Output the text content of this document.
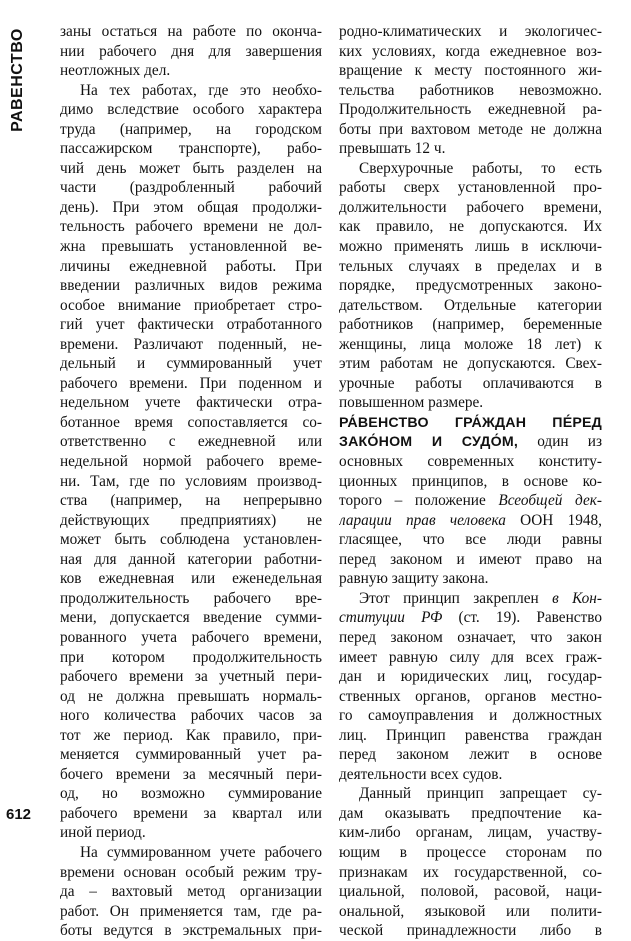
РАВЕНСТВО
612
заны остаться на работе по оконча-
нии рабочего дня для завершения
неотложных дел.
На тех работах, где это необхо-
димо вследствие особого характера
труда (например, на городском
пассажирском транспорте), рабо-
чий день может быть разделен на
части (раздробленный рабочий
день). При этом общая продолжи-
тельность рабочего времени не дол-
жна превышать установленной ве-
личины ежедневной работы. При
введении различных видов режима
особое внимание приобретает стро-
гий учет фактически отработанного
времени. Различают поденный, не-
дельный и суммированный учет
рабочего времени. При поденном и
недельном учете фактически отра-
ботанное время сопоставляется со-
ответственно с ежедневной или
недельной нормой рабочего време-
ни. Там, где по условиям производ-
ства (например, на непрерывно
действующих предприятиях) не
может быть соблюдена установлен-
ная для данной категории работни-
ков ежедневная или еженедельная
продолжительность рабочего вре-
мени, допускается введение сумми-
рованного учета рабочего времени,
при котором продолжительность
рабочего времени за учетный пери-
од не должна превышать нормаль-
ного количества рабочих часов за
тот же период. Как правило, при-
меняется суммированный учет ра-
бочего времени за месячный пери-
од, но возможно суммирование
рабочего времени за квартал или
иной период.
На суммированном учете рабочего
времени основан особый режим тру-
да – вахтовый метод организации
работ. Он применяется там, где ра-
боты ведутся в экстремальных при-
родно-климатических и экологичес-
ких условиях, когда ежедневное воз-
вращение к месту постоянного жи-
тельства работников невозможно.
Продолжительность ежедневной ра-
боты при вахтовом методе не должна
превышать 12 ч.
Сверхурочные работы, то есть
работы сверх установленной про-
должительности рабочего времени,
как правило, не допускаются. Их
можно применять лишь в исключи-
тельных случаях в пределах и в
порядке, предусмотренных законо-
дательством. Отдельные категории
работников (например, беременные
женщины, лица моложе 18 лет) к
этим работам не допускаются. Свех-
урочные работы оплачиваются в
повышенном размере.
РА́ВЕНСТВО ГРА́ЖДАН ПЕ́РЕД
ЗАКО́НОМ И СУДО́М, один из
основных современных конститу-
ционных принципов, в основе ко-
торого – положение Всеобщей дек-
ларации прав человека ООН 1948,
гласящее, что все люди равны
перед законом и имеют право на
равную защиту закона.
Этот принцип закреплен в Кон-
ституции РФ (ст. 19). Равенство
перед законом означает, что закон
имеет равную силу для всех граж-
дан и юридических лиц, государ-
ственных органов, органов местно-
го самоуправления и должностных
лиц. Принцип равенства граждан
перед законом лежит в основе
деятельности всех судов.
Данный принцип запрещает су-
дам оказывать предпочтение ка-
ким-либо органам, лицам, участву-
ющим в процессе сторонам по
признакам их государственной, со-
циальной, половой, расовой, наци-
ональной, языковой или полити-
ческой принадлежности либо в
